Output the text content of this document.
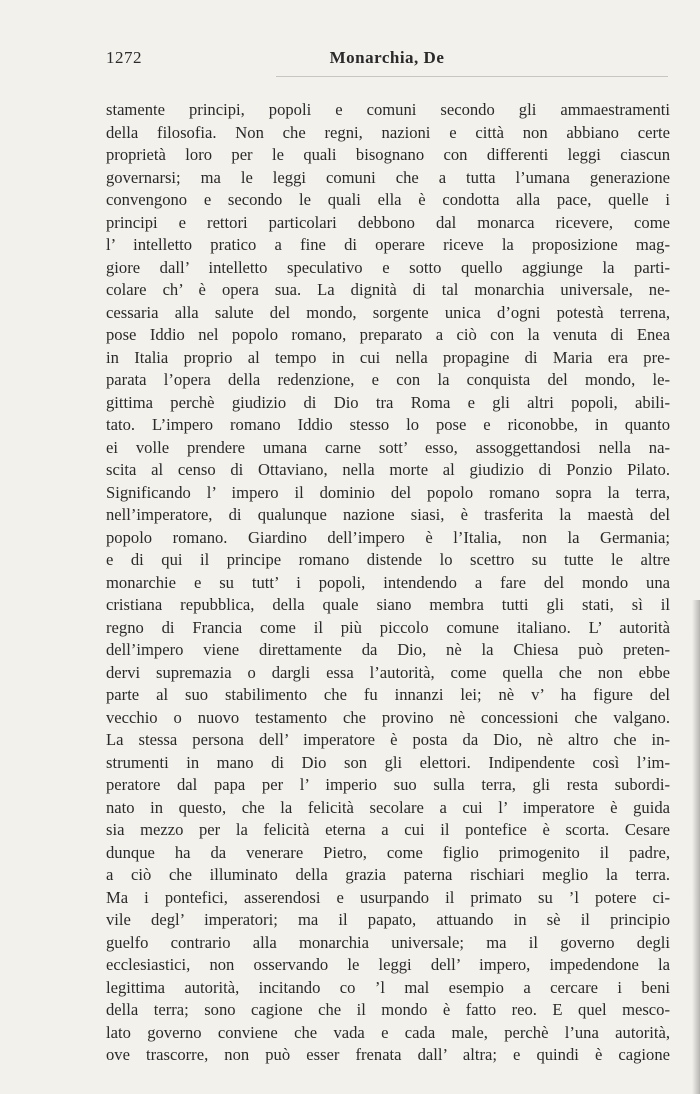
1272	Monarchia, De
stamente principi, popoli e comuni secondo gli ammaestramenti
della filosofia. Non che regni, nazioni e città non abbiano certe
proprietà loro per le quali bisognano con differenti leggi ciascun
governarsi; ma le leggi comuni che a tutta l’umana generazione
convengono e secondo le quali ella è condotta alla pace, quelle i
principi e rettori particolari debbono dal monarca ricevere, come
l’ intelletto pratico a fine di operare riceve la proposizione mag-
giore dall’ intelletto speculativo e sotto quello aggiunge la parti-
colare ch’ è opera sua. La dignità di tal monarchia universale, ne-
cessaria alla salute del mondo, sorgente unica d’ogni potestà terrena,
pose Iddio nel popolo romano, preparato a ciò con la venuta di Enea
in Italia proprio al tempo in cui nella propagine di Maria era pre-
parata l’opera della redenzione, e con la conquista del mondo, le-
gittima perchè giudizio di Dio tra Roma e gli altri popoli, abili-
tato. L’impero romano Iddio stesso lo pose e riconobbe, in quanto
ei volle prendere umana carne sott’ esso, assoggettandosi nella na-
scita al censo di Ottaviano, nella morte al giudizio di Ponzio Pilato.
Significando l’ impero il dominio del popolo romano sopra la terra,
nell’imperatore, di qualunque nazione siasi, è trasferita la maestà del
popolo romano. Giardino dell’impero è l’Italia, non la Germania;
e di qui il principe romano distende lo scettro su tutte le altre
monarchie e su tutt’ i popoli, intendendo a fare del mondo una
cristiana repubblica, della quale siano membra tutti gli stati, sì il
regno di Francia come il più piccolo comune italiano. L’ autorità
dell’impero viene direttamente da Dio, nè la Chiesa può preten-
dervi supremazia o dargli essa l’autorità, come quella che non ebbe
parte al suo stabilimento che fu innanzi lei; nè v’ ha figure del
vecchio o nuovo testamento che provino nè concessioni che valgano.
La stessa persona dell’ imperatore è posta da Dio, nè altro che in-
strumenti in mano di Dio son gli elettori. Indipendente così l’im-
peratore dal papa per l’ imperio suo sulla terra, gli resta subordi-
nato in questo, che la felicità secolare a cui l’ imperatore è guida
sia mezzo per la felicità eterna a cui il pontefice è scorta. Cesare
dunque ha da venerare Pietro, come figlio primogenito il padre,
a ciò che illuminato della grazia paterna rischiari meglio la terra.
Ma i pontefici, asserendosi e usurpando il primato su ’l potere ci-
vile degl’ imperatori; ma il papato, attuando in sè il principio
guelfo contrario alla monarchia universale; ma il governo degli
ecclesiastici, non osservando le leggi dell’ impero, impedendone la
legittima autorità, incitando co ’l mal esempio a cercare i beni
della terra; sono cagione che il mondo è fatto reo. E quel mesco-
lato governo conviene che vada e cada male, perchè l’una autorità,
ove trascorre, non può esser frenata dall’ altra; e quindi è cagione
